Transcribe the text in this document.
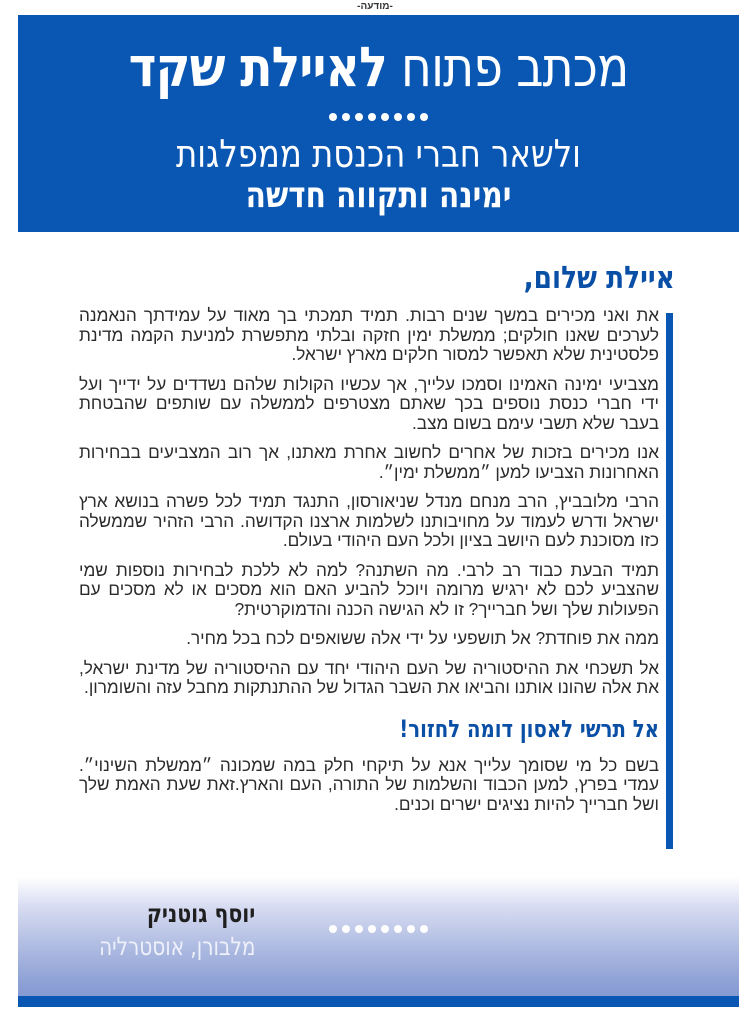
-מודעה-
מכתב פתוח לאיילת שקד
ולשאר חברי הכנסת ממפלגות
ימינה ותקווה חדשה
איילת שלום,

את ואני מכירים במשך שנים רבות. תמיד תמכתי בך מאוד על עמידתך הנאמנה לערכים שאנו חולקים; ממשלת ימין חזקה ובלתי מתפשרת למניעת הקמה מדינת פלסטינית שלא תאפשר למסור חלקים מארץ ישראל.

מצביעי ימינה האמינו וסמכו עלייך, אך עכשיו הקולות שלהם נשדדים על ידייך ועל ידי חברי כנסת נוספים בכך שאתם מצטרפים לממשלה עם שותפים שהבטחת בעבר שלא תשבי עימם בשום מצב.

אנו מכירים בזכות של אחרים לחשוב אחרת מאתנו, אך רוב המצביעים בבחירות האחרונות הצביעו למען ״ממשלת ימין״.

הרבי מלובביץ, הרב מנחם מנדל שניאורסון, התנגד תמיד לכל פשרה בנושא ארץ ישראל ודרש לעמוד על מחויבותנו לשלמות ארצנו הקדושה. הרבי הזהיר שממשלה כזו מסוכנת לעם היושב בציון ולכל העם היהודי בעולם.

תמיד הבעת כבוד רב לרבי. מה השתנה? למה לא ללכת לבחירות נוספות שמי שהצביע לכם לא ירגיש מרומה ויוכל להביע האם הוא מסכים או לא מסכים עם הפעולות שלך ושל חברייך? זו לא הגישה הכנה והדמוקרטית?

ממה את פוחדת? אל תושפעי על ידי אלה ששואפים לכח בכל מחיר.

אל תשכחי את ההיסטוריה של העם היהודי יחד עם ההיסטוריה של מדינת ישראל, את אלה שהונו אותנו והביאו את השבר הגדול של ההתנתקות מחבל עזה והשומרון.

אל תרשי לאסון דומה לחזור!

בשם כל מי שסומך עלייך אנא על תיקחי חלק במה שמכונה ״ממשלת השינוי״. עמדי בפרץ, למען הכבוד והשלמות של התורה, העם והארץ.זאת שעת האמת שלך ושל חברייך להיות נציגים ישרים וכנים.

יוסף גוטניק
מלבורן, אוסטרליה
